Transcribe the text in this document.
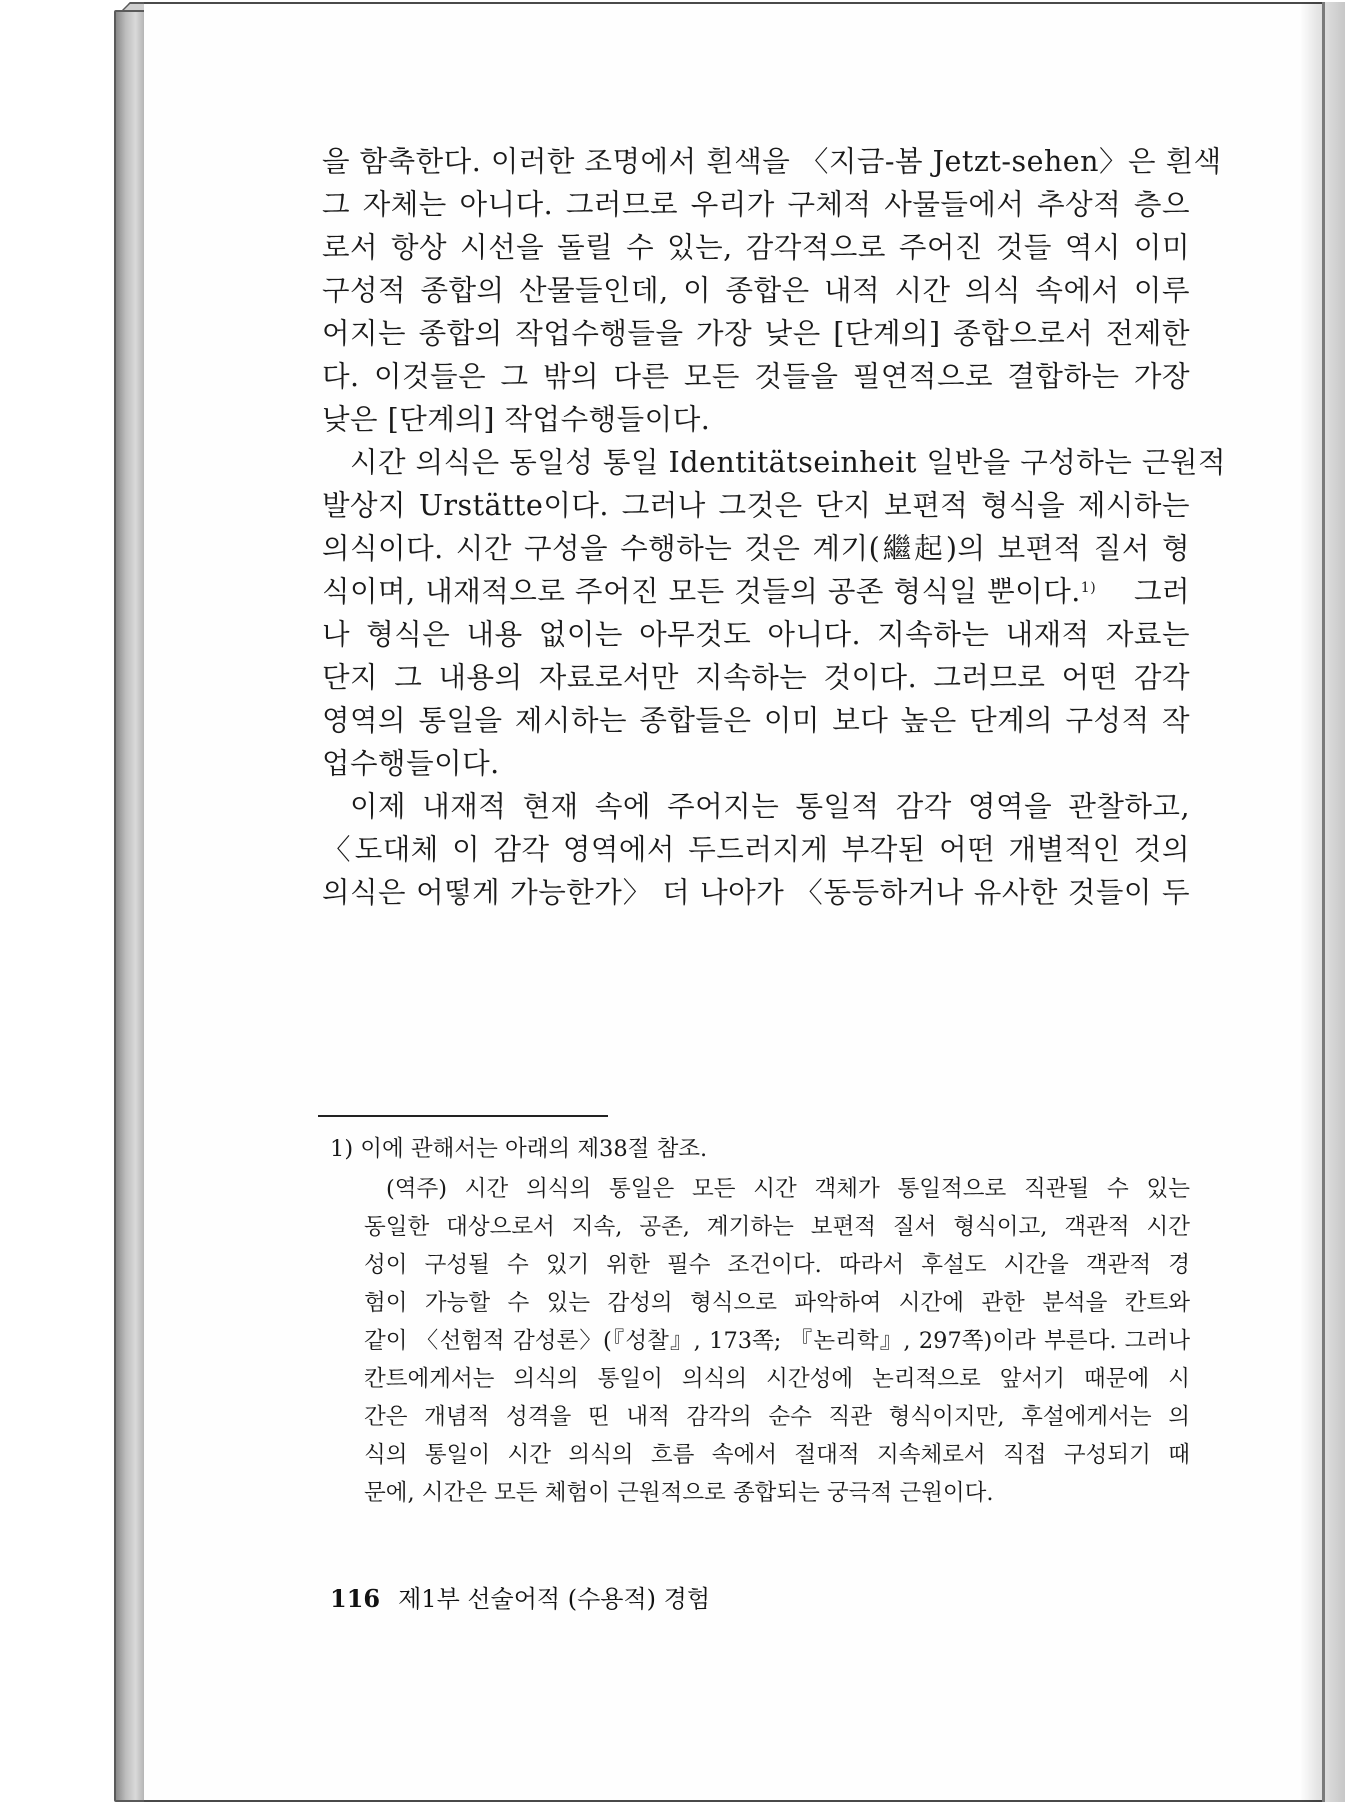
을 함축한다. 이러한 조명에서 흰색을 〈지금-봄 Jetzt-sehen〉은 흰색
그 자체는 아니다. 그러므로 우리가 구체적 사물들에서 추상적 층으
로서 항상 시선을 돌릴 수 있는, 감각적으로 주어진 것들 역시 이미
구성적 종합의 산물들인데, 이 종합은 내적 시간 의식 속에서 이루
어지는 종합의 작업수행들을 가장 낮은 [단계의] 종합으로서 전제한
다. 이것들은 그 밖의 다른 모든 것들을 필연적으로 결합하는 가장
낮은 [단계의] 작업수행들이다.
시간 의식은 동일성 통일 Identitätseinheit 일반을 구성하는 근원적
발상지 Urstätte이다. 그러나 그것은 단지 보편적 형식을 제시하는
의식이다. 시간 구성을 수행하는 것은 계기(繼起)의 보편적 질서 형
식이며, 내재적으로 주어진 모든 것들의 공존 형식일 뿐이다.$^{1)}$ 그러
나 형식은 내용 없이는 아무것도 아니다. 지속하는 내재적 자료는
단지 그 내용의 자료로서만 지속하는 것이다. 그러므로 어떤 감각
영역의 통일을 제시하는 종합들은 이미 보다 높은 단계의 구성적 작
업수행들이다.
이제 내재적 현재 속에 주어지는 통일적 감각 영역을 관찰하고,
〈도대체 이 감각 영역에서 두드러지게 부각된 어떤 개별적인 것의
의식은 어떻게 가능한가〉 더 나아가 〈동등하거나 유사한 것들이 두
1) 이에 관해서는 아래의 제38절 참조.
(역주) 시간 의식의 통일은 모든 시간 객체가 통일적으로 직관될 수 있는
동일한 대상으로서 지속, 공존, 계기하는 보편적 질서 형식이고, 객관적 시간
성이 구성될 수 있기 위한 필수 조건이다. 따라서 후설도 시간을 객관적 경
험이 가능할 수 있는 감성의 형식으로 파악하여 시간에 관한 분석을 칸트와
같이 〈선험적 감성론〉(『성찰』, 173쪽; 『논리학』, 297쪽)이라 부른다. 그러나
칸트에게서는 의식의 통일이 의식의 시간성에 논리적으로 앞서기 때문에 시
간은 개념적 성격을 띤 내적 감각의 순수 직관 형식이지만, 후설에게서는 의
식의 통일이 시간 의식의 흐름 속에서 절대적 지속체로서 직접 구성되기 때
문에, 시간은 모든 체험이 근원적으로 종합되는 궁극적 근원이다.
116 제1부 선술어적 (수용적) 경험
